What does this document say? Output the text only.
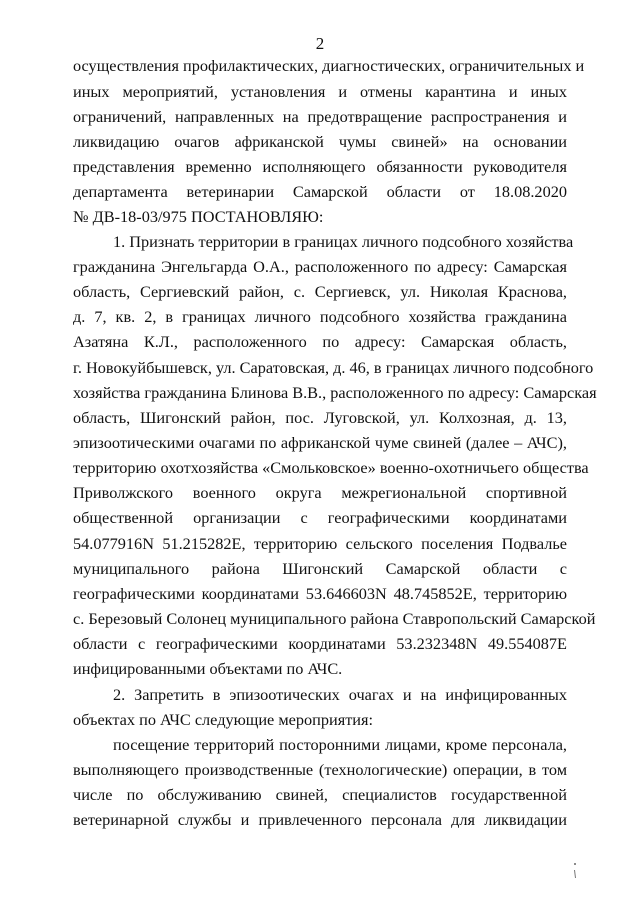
2
осуществления профилактических, диагностических, ограничительных и
иных мероприятий, установления и отмены карантина и иных
ограничений, направленных на предотвращение распространения и
ликвидацию очагов африканской чумы свиней» на основании
представления временно исполняющего обязанности руководителя
департамента ветеринарии Самарской области от 18.08.2020
№ ДВ-18-03/975 ПОСТАНОВЛЯЮ:
1. Признать территории в границах личного подсобного хозяйства
гражданина Энгельгарда О.А., расположенного по адресу: Самарская
область, Сергиевский район, с. Сергиевск, ул. Николая Краснова,
д. 7, кв. 2, в границах личного подсобного хозяйства гражданина
Азатяна К.Л., расположенного по адресу: Самарская область,
г. Новокуйбышевск, ул. Саратовская, д. 46, в границах личного подсобного
хозяйства гражданина Блинова В.В., расположенного по адресу: Самарская
область, Шигонский район, пос. Луговской, ул. Колхозная, д. 13,
эпизоотическими очагами по африканской чуме свиней (далее – АЧС),
территорию охотхозяйства «Смольковское» военно-охотничьего общества
Приволжского военного округа межрегиональной спортивной
общественной организации с географическими координатами
54.077916N 51.215282E, территорию сельского поселения Подвалье
муниципального района Шигонский Самарской области с
географическими координатами 53.646603N 48.745852E, территорию
с. Березовый Солонец муниципального района Ставропольский Самарской
области с географическими координатами 53.232348N 49.554087E
инфицированными объектами по АЧС.
2. Запретить в эпизоотических очагах и на инфицированных
объектах по АЧС следующие мероприятия:
посещение территорий посторонними лицами, кроме персонала,
выполняющего производственные (технологические) операции, в том
числе по обслуживанию свиней, специалистов государственной
ветеринарной службы и привлеченного персонала для ликвидации
